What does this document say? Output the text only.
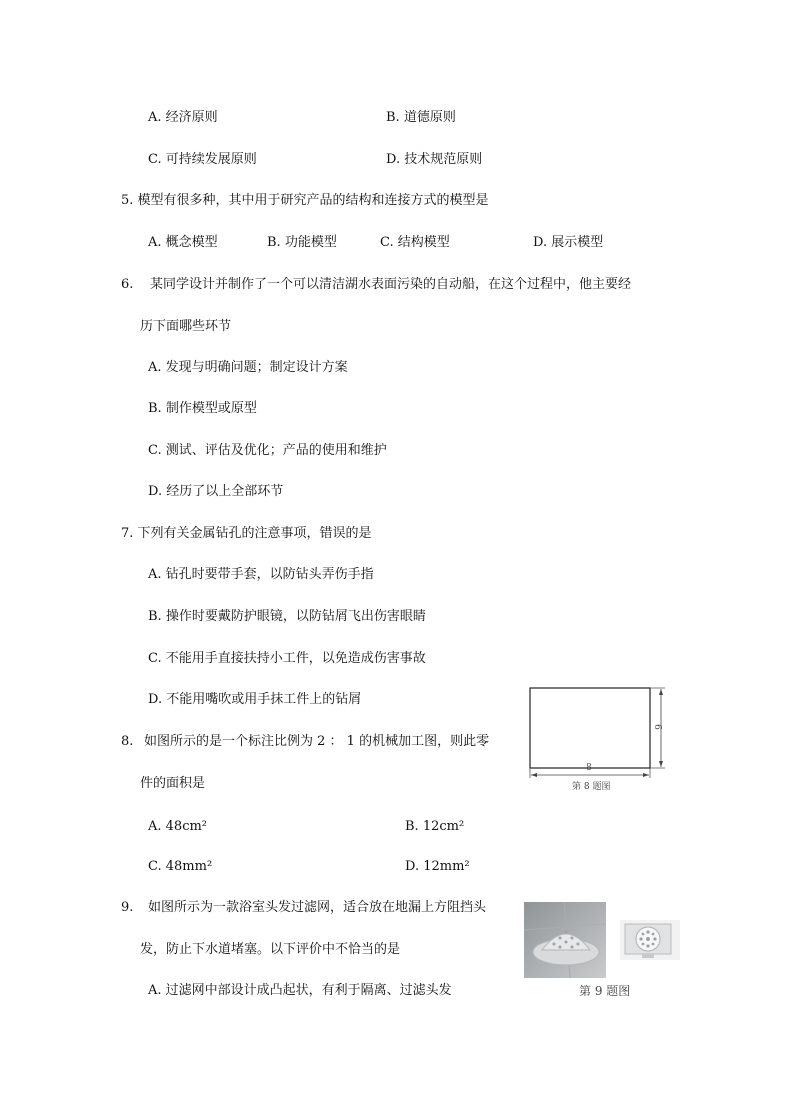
A. 经济原则	B. 道德原则
C. 可持续发展原则	D. 技术规范原则
5. 模型有很多种，其中用于研究产品的结构和连接方式的模型是
A. 概念模型	B. 功能模型	C. 结构模型	D. 展示模型
6. 某同学设计并制作了一个可以清洁湖水表面污染的自动船，在这个过程中，他主要经
历下面哪些环节
A. 发现与明确问题；制定设计方案
B. 制作模型或原型
C. 测试、评估及优化；产品的使用和维护
D. 经历了以上全部环节
7. 下列有关金属钻孔的注意事项，错误的是
A. 钻孔时要带手套，以防钻头弄伤手指
B. 操作时要戴防护眼镜，以防钻屑飞出伤害眼睛
C. 不能用手直接扶持小工件，以免造成伤害事故
D. 不能用嘴吹或用手抹工件上的钻屑
8. 如图所示的是一个标注比例为 2 ： 1 的机械加工图，则此零
件的面积是
A. 48cm²	B. 12cm²
C. 48mm²	D. 12mm²
6
8
第 8 题图
9. 如图所示为一款浴室头发过滤网，适合放在地漏上方阻挡头
发，防止下水道堵塞。以下评价中不恰当的是
A. 过滤网中部设计成凸起状，有利于隔离、过滤头发	第 9 题图
